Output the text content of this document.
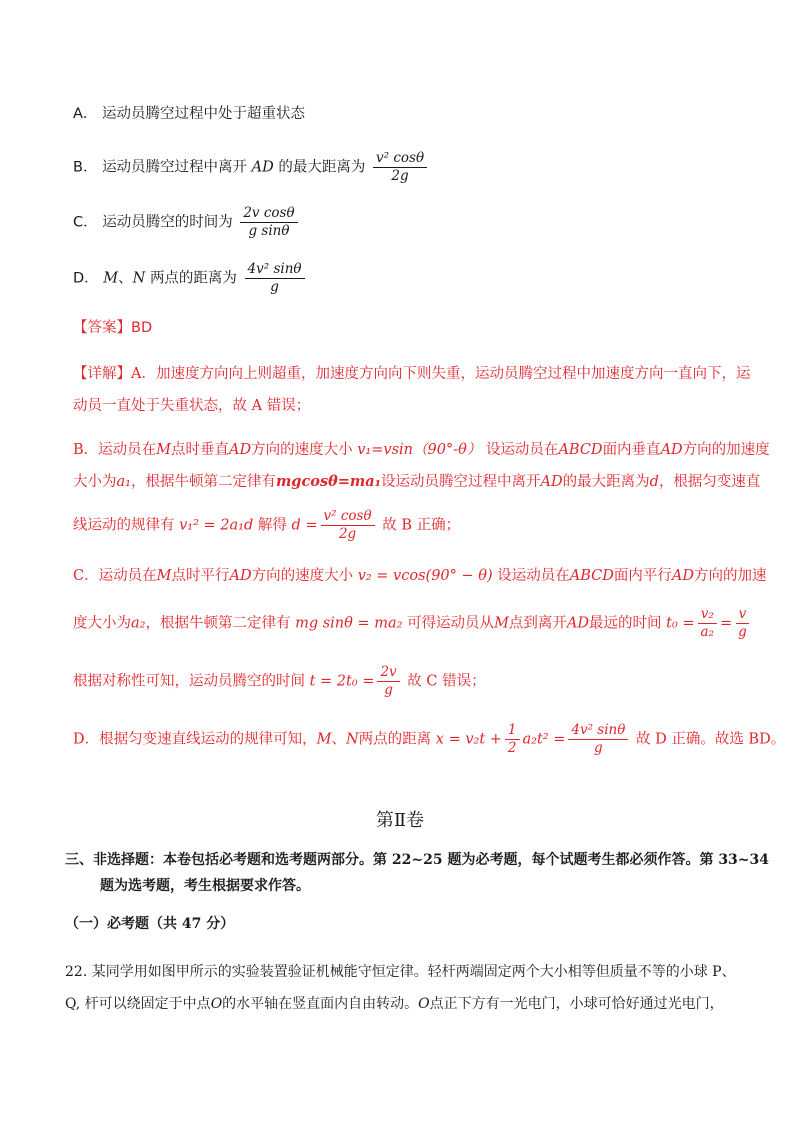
A． 运动员腾空过程中处于超重状态
B． 运动员腾空过程中离开 AD 的最大距离为 $\frac{\text{v² cosθ}}{2g}$
C． 运动员腾空的时间为 $\frac{\text{2v cosθ}}{\text{g sinθ}}$
D． M、N 两点的距离为 $\frac{\text{4v² sinθ}}{g}$
【答案】BD
【详解】A．加速度方向向上则超重，加速度方向向下则失重，运动员腾空过程中加速度方向一直向下，运
动员一直处于失重状态，故 A 错误；
B．运动员在M点时垂直AD方向的速度大小 v₁=vsin（90°-θ） 设运动员在ABCD面内垂直AD方向的加速度
大小为a₁，根据牛顿第二定律有mgcosθ=ma₁设运动员腾空过程中离开AD的最大距离为d，根据匀变速直
线运动的规律有 v₁² = 2a₁d 解得 $d = \frac{\text{v² cosθ}}{2g}$ 故 B 正确；
C．运动员在M点时平行AD方向的速度大小 v₂ = vcos(90° − θ) 设运动员在ABCD面内平行AD方向的加速
度大小为a₂，根据牛顿第二定律有 mg sinθ = ma₂ 可得运动员从M点到离开AD最远的时间 $t_0 = \frac{\text{v₂}}{\text{a₂}} = \frac{v}{g}$
根据对称性可知，运动员腾空的时间 $t = 2t_0 = \frac{2v}{g}$ 故 C 错误；
D．根据匀变速直线运动的规律可知，M、N两点的距离 $x = v_2t + \frac{1}{2} a_2t^2 = \frac{\text{4v² sinθ}}{g}$ 故 D 正确。故选 BD。
第Ⅱ卷
三、非选择题：本卷包括必考题和选考题两部分。第 22~25 题为必考题，每个试题考生都必须作答。第 33~34
题为选考题，考生根据要求作答。
（一）必考题（共 47 分）
22. 某同学用如图甲所示的实验装置验证机械能守恒定律。轻杆两端固定两个大小相等但质量不等的小球 P、
Q, 杆可以绕固定于中点O的水平轴在竖直面内自由转动。O点正下方有一光电门，小球可恰好通过光电门，
